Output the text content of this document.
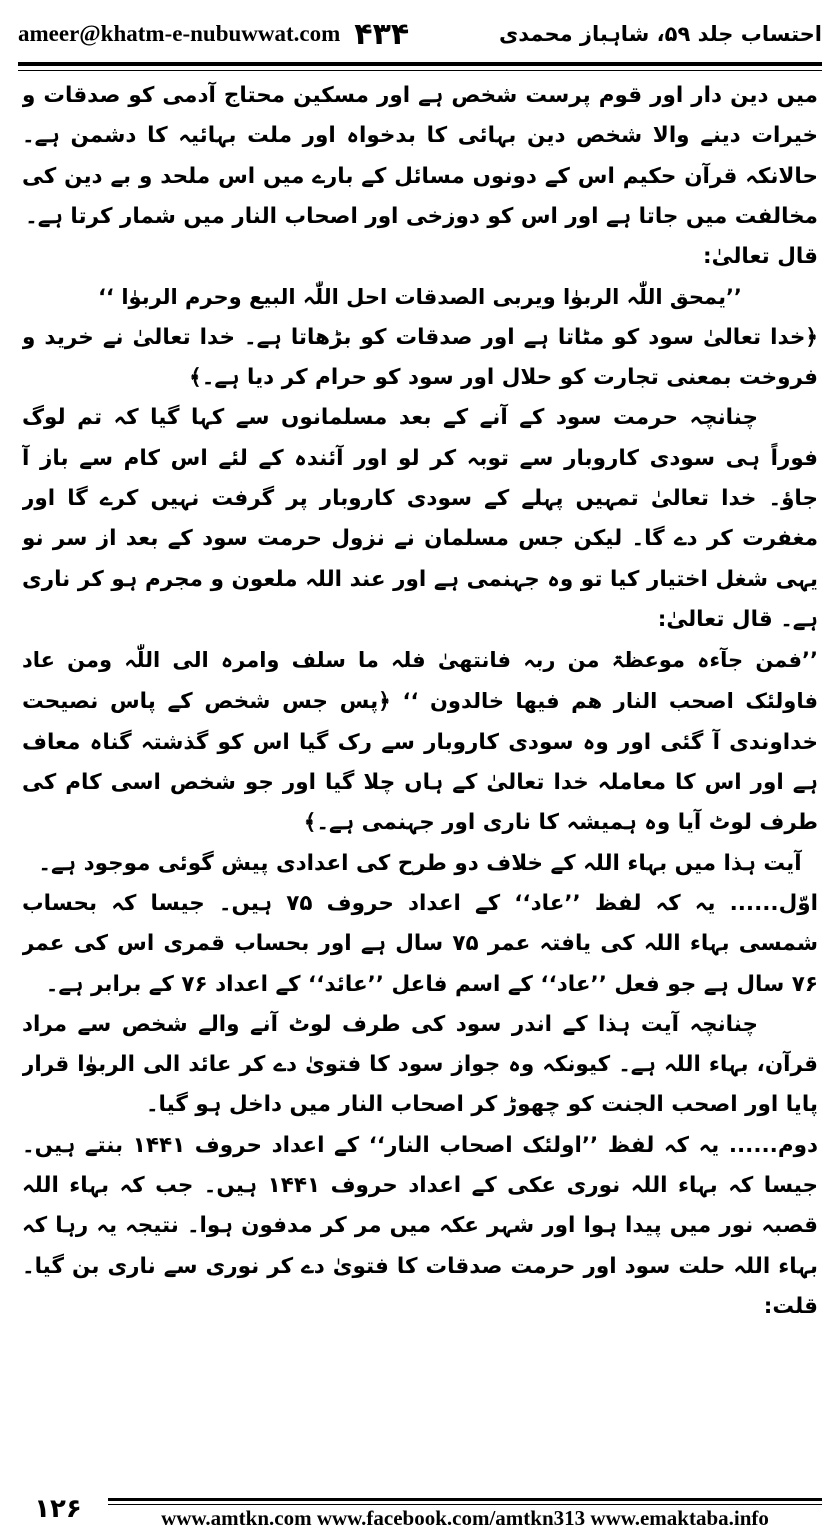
ameer@khatm-e-nubuwwat.com ۴۳۴	احتساب جلد ۵۹، شاہباز محمدی

میں دین دار اور قوم پرست شخص ہے اور مسکین محتاج آدمی کو صدقات و خیرات دینے والا شخص دین بہائی کا بدخواہ اور ملت بہائیہ کا دشمن ہے۔ حالانکہ قرآن حکیم اس کے دونوں مسائل کے بارے میں اس ملحد و بے دین کی مخالفت میں جاتا ہے اور اس کو دوزخی اور اصحاب النار میں شمار کرتا ہے۔

قال تعالیٰ:

’’یمحق اللّٰہ الربوٰا ویربی الصدقات احل اللّٰہ البیع وحرم الربوٰا ‘‘

﴿خدا تعالیٰ سود کو مٹاتا ہے اور صدقات کو بڑھاتا ہے۔ خدا تعالیٰ نے خرید و فروخت بمعنی تجارت کو حلال اور سود کو حرام کر دیا ہے۔﴾

چنانچہ حرمت سود کے آنے کے بعد مسلمانوں سے کہا گیا کہ تم لوگ فوراً ہی سودی کاروبار سے توبہ کر لو اور آئندہ کے لئے اس کام سے باز آ جاؤ۔ خدا تعالیٰ تمہیں پہلے کے سودی کاروبار پر گرفت نہیں کرے گا اور مغفرت کر دے گا۔ لیکن جس مسلمان نے نزول حرمت سود کے بعد از سر نو یہی شغل اختیار کیا تو وہ جہنمی ہے اور عند اللہ ملعون و مجرم ہو کر ناری ہے۔ قال تعالیٰ:

’’فمن جآءہ موعظۃ من ربہ فانتھیٰ فلہ ما سلف وامرہ الی اللّٰہ ومن عاد فاولئک اصحب النار ھم فیھا خالدون ‘‘ ﴿پس جس شخص کے پاس نصیحت خداوندی آ گئی اور وہ سودی کاروبار سے رک گیا اس کو گذشتہ گناہ معاف ہے اور اس کا معاملہ خدا تعالیٰ کے ہاں چلا گیا اور جو شخص اسی کام کی طرف لوٹ آیا وہ ہمیشہ کا ناری اور جہنمی ہے۔﴾

آیت ہذا میں بہاء اللہ کے خلاف دو طرح کی اعدادی پیش گوئی موجود ہے۔

اوّل...... یہ کہ لفظ ’’عاد‘‘ کے اعداد حروف ۷۵ ہیں۔ جیسا کہ بحساب شمسی بہاء اللہ کی یافتہ عمر ۷۵ سال ہے اور بحساب قمری اس کی عمر ۷۶ سال ہے جو فعل ’’عاد‘‘ کے اسم فاعل ’’عائد‘‘ کے اعداد ۷۶ کے برابر ہے۔

چنانچہ آیت ہذا کے اندر سود کی طرف لوٹ آنے والے شخص سے مراد قرآن، بہاء اللہ ہے۔ کیونکہ وہ جواز سود کا فتویٰ دے کر عائد الی الربوٰا قرار پایا اور اصحب الجنت کو چھوڑ کر اصحاب النار میں داخل ہو گیا۔

دوم...... یہ کہ لفظ ’’اولئک اصحاب النار‘‘ کے اعداد حروف ۱۴۴۱ بنتے ہیں۔ جیسا کہ بہاء اللہ نوری عکی کے اعداد حروف ۱۴۴۱ ہیں۔ جب کہ بہاء اللہ قصبہ نور میں پیدا ہوا اور شہر عکہ میں مر کر مدفون ہوا۔ نتیجہ یہ رہا کہ بہاء اللہ حلت سود اور حرمت صدقات کا فتویٰ دے کر نوری سے ناری بن گیا۔ قلت:

۱۲۶	www.amtkn.com www.facebook.com/amtkn313 www.emaktaba.info
